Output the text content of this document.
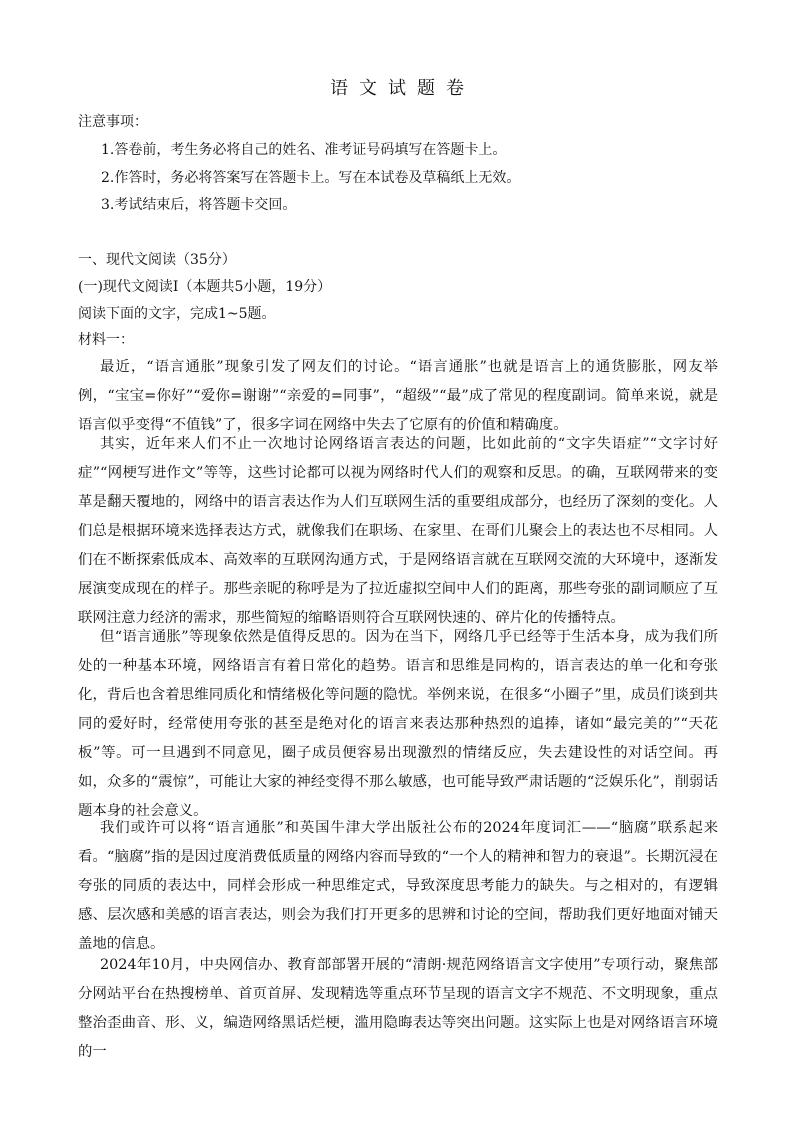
语文试题卷
注意事项：
1.答卷前，考生务必将自己的姓名、准考证号码填写在答题卡上。
2.作答时，务必将答案写在答题卡上。写在本试卷及草稿纸上无效。
3.考试结束后，将答题卡交回。
一、现代文阅读（35分）
(一)现代文阅读Ⅰ（本题共5小题，19分）
阅读下面的文字，完成1~5题。
材料一：
最近，“语言通胀”现象引发了网友们的讨论。“语言通胀”也就是语言上的通货膨胀，网友举例，“宝宝=你好”“爱你=谢谢”“亲爱的=同事”，“超级”“最”成了常见的程度副词。简单来说，就是语言似乎变得“不值钱”了，很多字词在网络中失去了它原有的价值和精确度。
其实，近年来人们不止一次地讨论网络语言表达的问题，比如此前的“文字失语症”“文字讨好症”“网梗写进作文”等等，这些讨论都可以视为网络时代人们的观察和反思。的确，互联网带来的变革是翻天覆地的，网络中的语言表达作为人们互联网生活的重要组成部分，也经历了深刻的变化。人们总是根据环境来选择表达方式，就像我们在职场、在家里、在哥们儿聚会上的表达也不尽相同。人们在不断探索低成本、高效率的互联网沟通方式，于是网络语言就在互联网交流的大环境中，逐渐发展演变成现在的样子。那些亲昵的称呼是为了拉近虚拟空间中人们的距离，那些夸张的副词顺应了互联网注意力经济的需求，那些简短的缩略语则符合互联网快速的、碎片化的传播特点。
但“语言通胀”等现象依然是值得反思的。因为在当下，网络几乎已经等于生活本身，成为我们所处的一种基本环境，网络语言有着日常化的趋势。语言和思维是同构的，语言表达的单一化和夸张化，背后也含着思维同质化和情绪极化等问题的隐忧。举例来说，在很多“小圈子”里，成员们谈到共同的爱好时，经常使用夸张的甚至是绝对化的语言来表达那种热烈的追捧，诸如“最完美的”“天花板”等。可一旦遇到不同意见，圈子成员便容易出现激烈的情绪反应，失去建设性的对话空间。再如，众多的“震惊”，可能让大家的神经变得不那么敏感，也可能导致严肃话题的“泛娱乐化”，削弱话题本身的社会意义。
我们或许可以将“语言通胀”和英国牛津大学出版社公布的2024年度词汇——“脑腐”联系起来看。“脑腐”指的是因过度消费低质量的网络内容而导致的“一个人的精神和智力的衰退”。长期沉浸在夸张的同质的表达中，同样会形成一种思维定式，导致深度思考能力的缺失。与之相对的，有逻辑感、层次感和美感的语言表达，则会为我们打开更多的思辨和讨论的空间，帮助我们更好地面对铺天盖地的信息。
2024年10月，中央网信办、教育部部署开展的“清朗·规范网络语言文字使用”专项行动，聚焦部分网站平台在热搜榜单、首页首屏、发现精选等重点环节呈现的语言文字不规范、不文明现象，重点整治歪曲音、形、义，编造网络黑话烂梗，滥用隐晦表达等突出问题。这实际上也是对网络语言环境的一
